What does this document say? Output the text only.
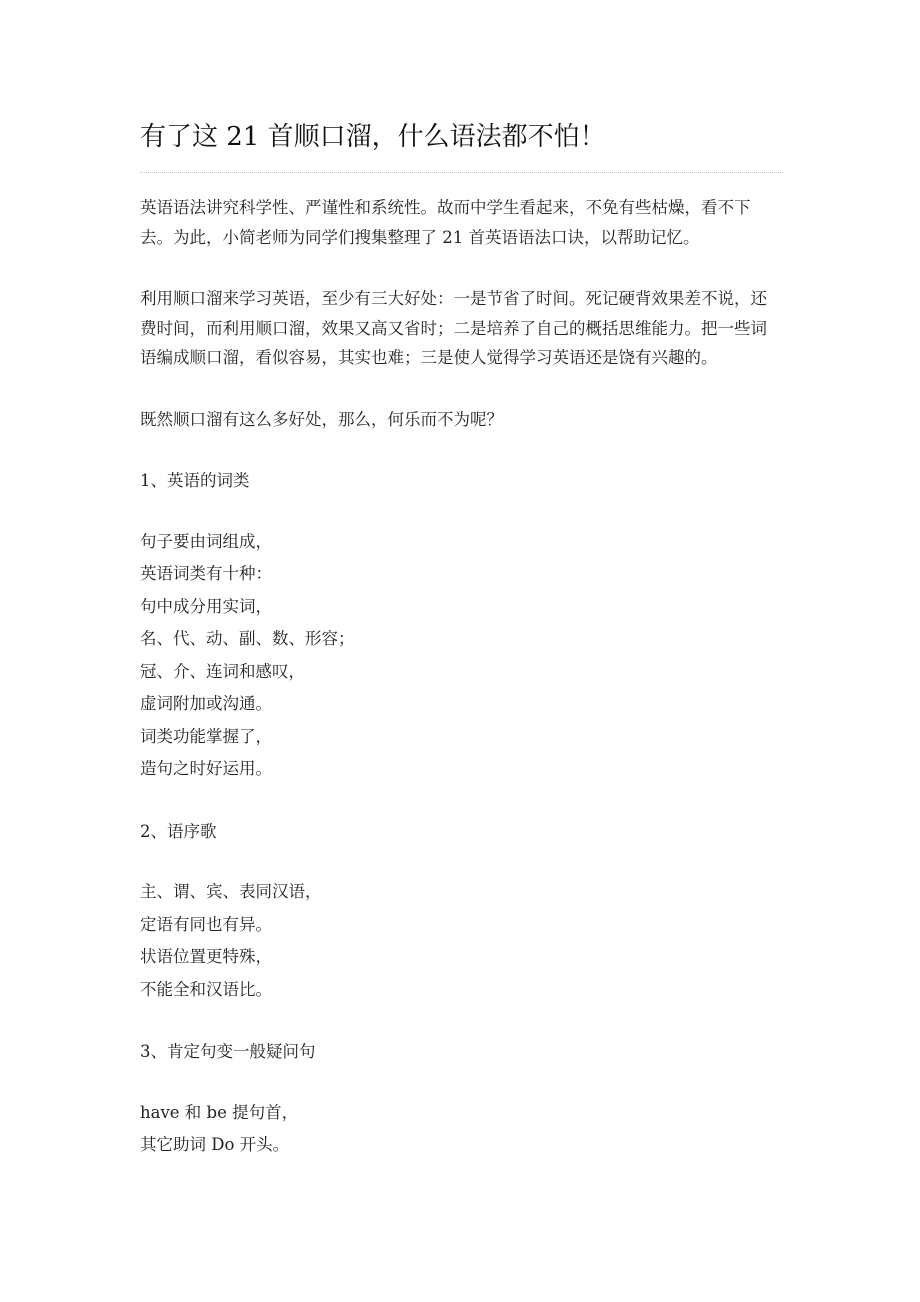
有了这 21 首顺口溜，什么语法都不怕！

英语语法讲究科学性、严谨性和系统性。故而中学生看起来，不免有些枯燥，看不下去。为此，小简老师为同学们搜集整理了 21 首英语语法口诀，以帮助记忆。

利用顺口溜来学习英语，至少有三大好处：一是节省了时间。死记硬背效果差不说，还费时间，而利用顺口溜，效果又高又省时；二是培养了自己的概括思维能力。把一些词语编成顺口溜，看似容易，其实也难；三是使人觉得学习英语还是饶有兴趣的。

既然顺口溜有这么多好处，那么，何乐而不为呢？

1、英语的词类

句子要由词组成，
英语词类有十种：
句中成分用实词，
名、代、动、副、数、形容；
冠、介、连词和感叹，
虚词附加或沟通。
词类功能掌握了，
造句之时好运用。

2、语序歌

主、谓、宾、表同汉语，
定语有同也有异。
状语位置更特殊，
不能全和汉语比。

3、肯定句变一般疑问句

have 和 be 提句首，
其它助词 Do 开头。
